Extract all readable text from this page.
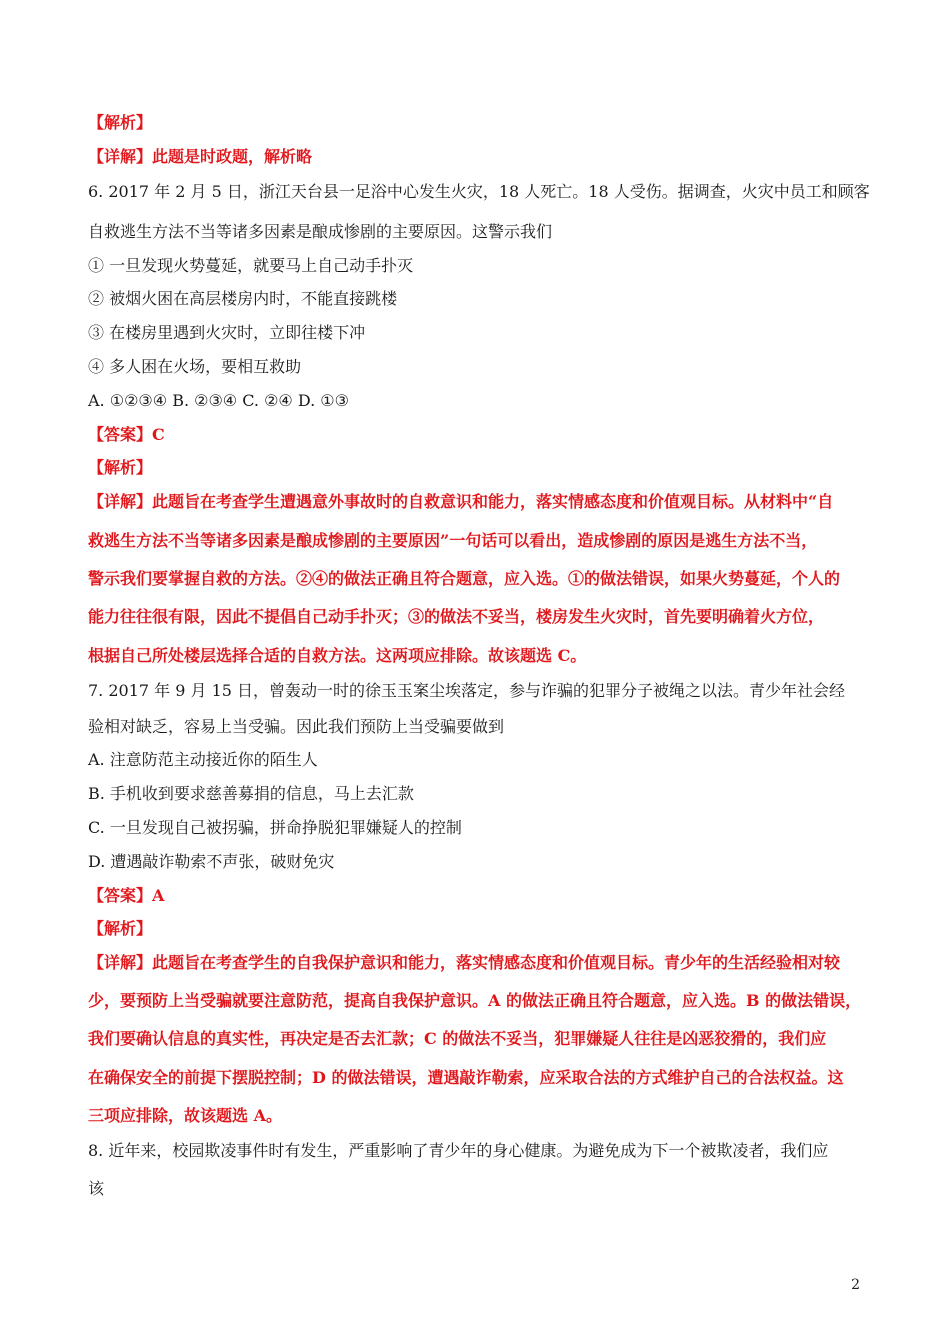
【解析】
【详解】此题是时政题，解析略
6. 2017 年 2 月 5 日，浙江天台县一足浴中心发生火灾，18 人死亡。18 人受伤。据调查，火灾中员工和顾客
自救逃生方法不当等诸多因素是酿成惨剧的主要原因。这警示我们
① 一旦发现火势蔓延，就要马上自己动手扑灭
② 被烟火困在高层楼房内时，不能直接跳楼
③ 在楼房里遇到火灾时，立即往楼下冲
④ 多人困在火场，要相互救助
A. ①②③④ B. ②③④ C. ②④ D. ①③
【答案】C
【解析】
【详解】此题旨在考查学生遭遇意外事故时的自救意识和能力，落实情感态度和价值观目标。从材料中“自
救逃生方法不当等诸多因素是酿成惨剧的主要原因”一句话可以看出，造成惨剧的原因是逃生方法不当，
警示我们要掌握自救的方法。②④的做法正确且符合题意，应入选。①的做法错误，如果火势蔓延，个人的
能力往往很有限，因此不提倡自己动手扑灭；③的做法不妥当，楼房发生火灾时，首先要明确着火方位，
根据自己所处楼层选择合适的自救方法。这两项应排除。故该题选 C。
7. 2017 年 9 月 15 日，曾轰动一时的徐玉玉案尘埃落定，参与诈骗的犯罪分子被绳之以法。青少年社会经
验相对缺乏，容易上当受骗。因此我们预防上当受骗要做到
A. 注意防范主动接近你的陌生人
B. 手机收到要求慈善募捐的信息，马上去汇款
C. 一旦发现自己被拐骗，拼命挣脱犯罪嫌疑人的控制
D. 遭遇敲诈勒索不声张，破财免灾
【答案】A
【解析】
【详解】此题旨在考查学生的自我保护意识和能力，落实情感态度和价值观目标。青少年的生活经验相对较
少，要预防上当受骗就要注意防范，提高自我保护意识。A 的做法正确且符合题意，应入选。B 的做法错误，
我们要确认信息的真实性，再决定是否去汇款；C 的做法不妥当，犯罪嫌疑人往往是凶恶狡猾的，我们应
在确保安全的前提下摆脱控制；D 的做法错误，遭遇敲诈勒索，应采取合法的方式维护自己的合法权益。这
三项应排除，故该题选 A。
8. 近年来，校园欺凌事件时有发生，严重影响了青少年的身心健康。为避免成为下一个被欺凌者，我们应
该
2
